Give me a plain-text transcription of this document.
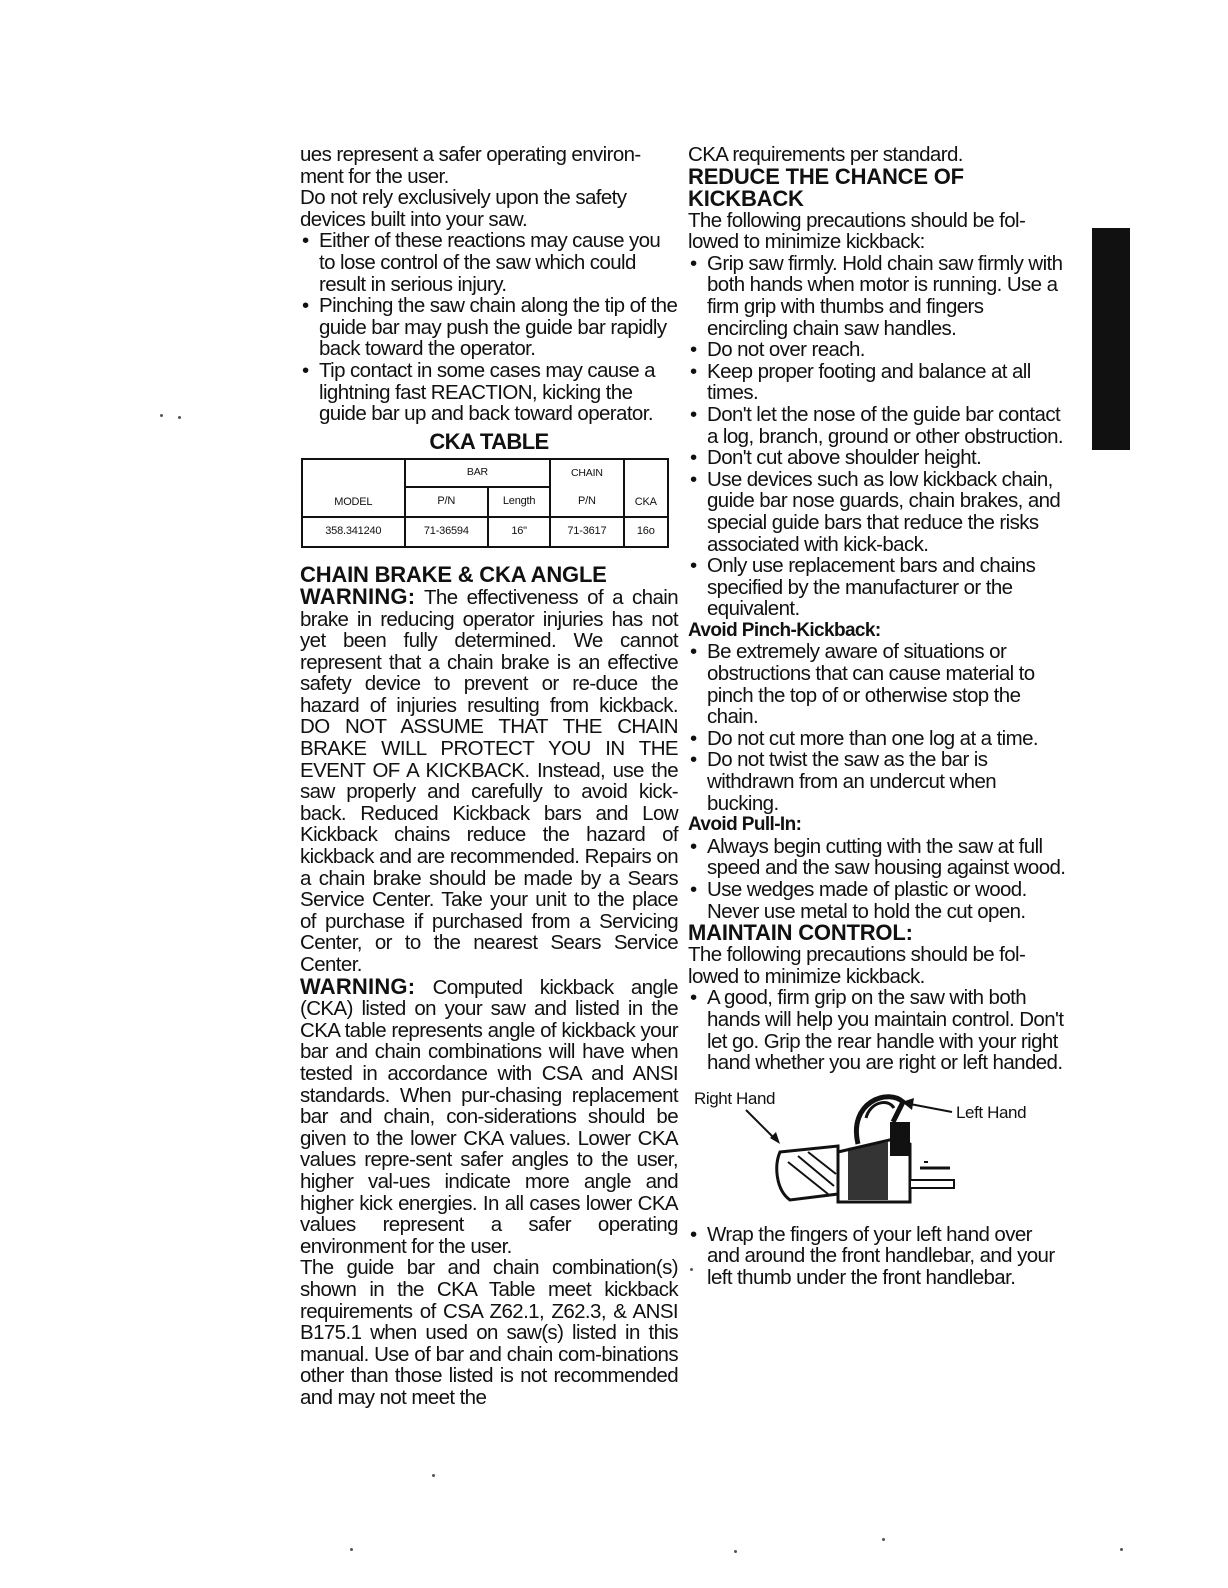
ues represent a safer operating environ-

ment for the user.

Do not rely exclusively upon the safety devices built into your saw.

• Either of these reactions may cause you to lose control of the saw which could result in serious injury.

• Pinching the saw chain along the tip of the guide bar may push the guide bar rapidly back toward the operator.

• Tip contact in some cases may cause a lightning fast REACTION, kicking the guide bar up and back toward operator.

CKA TABLE
MODEL	BAR		CHAIN	CKA
	P/N	Length	P/N	
358.341240	71-36594	16"	71-3617	16o

CHAIN BRAKE & CKA ANGLE

WARNING: The effectiveness of a chain brake in reducing operator injuries has not yet been fully determined. We cannot represent that a chain brake is an effective safety device to prevent or re-duce the hazard of injuries resulting from kickback. DO NOT ASSUME THAT THE CHAIN BRAKE WILL PROTECT YOU IN THE EVENT OF A KICKBACK. Instead, use the saw properly and carefully to avoid kick-back. Reduced Kickback bars and Low Kickback chains reduce the hazard of kickback and are recommended. Repairs on a chain brake should be made by a Sears Service Center. Take your unit to the place of purchase if purchased from a Servicing Center, or to the nearest Sears Service Center.

WARNING: Computed kickback angle (CKA) listed on your saw and listed in the CKA table represents angle of kickback your bar and chain combinations will have when tested in accordance with CSA and ANSI standards. When pur-chasing replacement bar and chain, con-siderations should be given to the lower CKA values. Lower CKA values repre-sent safer angles to the user, higher val-ues indicate more angle and higher kick energies. In all cases lower CKA values represent a safer operating environment for the user.

The guide bar and chain combination(s) shown in the CKA Table meet kickback requirements of CSA Z62.1, Z62.3, & ANSI B175.1 when used on saw(s) listed in this manual. Use of bar and chain com-binations other than those listed is not recommended and may not meet the

CKA requirements per standard.

REDUCE THE CHANCE OF KICKBACK

The following precautions should be fol-lowed to minimize kickback:

• Grip saw firmly. Hold chain saw firmly with both hands when motor is running. Use a firm grip with thumbs and fingers encircling chain saw handles.

• Do not over reach.

• Keep proper footing and balance at all times.

• Don't let the nose of the guide bar contact a log, branch, ground or other obstruction.

• Don't cut above shoulder height.

• Use devices such as low kickback chain, guide bar nose guards, chain brakes, and special guide bars that reduce the risks associated with kick-back.

• Only use replacement bars and chains specified by the manufacturer or the equivalent.

Avoid Pinch-Kickback:

• Be extremely aware of situations or obstructions that can cause material to pinch the top of or otherwise stop the chain.

• Do not cut more than one log at a time.

• Do not twist the saw as the bar is withdrawn from an undercut when bucking.

Avoid Pull-In:

• Always begin cutting with the saw at full speed and the saw housing against wood.

• Use wedges made of plastic or wood. Never use metal to hold the cut open.

MAINTAIN CONTROL:

The following precautions should be fol-lowed to minimize kickback.

• A good, firm grip on the saw with both hands will help you maintain control. Don't let go. Grip the rear handle with your right hand whether you are right or left handed.

Right Hand
Left Hand

• Wrap the fingers of your left hand over and around the front handlebar, and your left thumb under the front handlebar.
